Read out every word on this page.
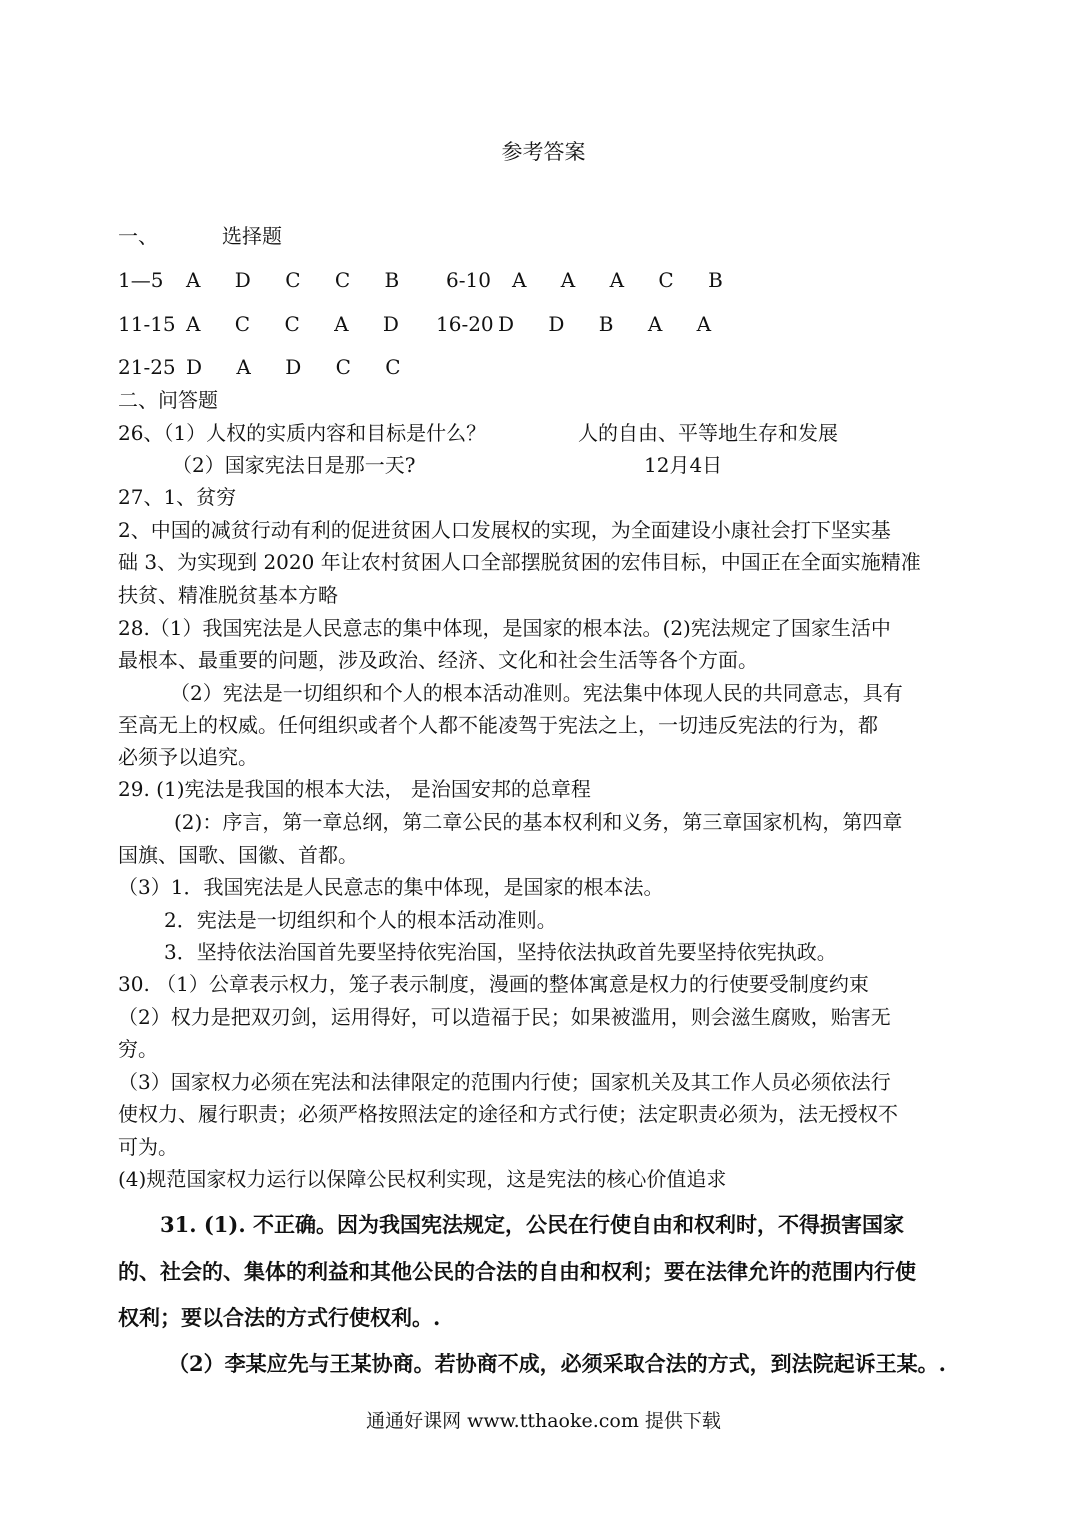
参考答案
一、	选择题
1—5 A D C C B 6-10 A A A C B
11-15 A C C A D 16-20 D D B A A
21-25 D A D C C
二、问答题
26、（1）人权的实质内容和目标是什么？	人的自由、平等地生存和发展
（2）国家宪法日是那一天?	12月4日
27、1、贫穷
2、中国的减贫行动有利的促进贫困人口发展权的实现，为全面建设小康社会打下坚实基
础 3、为实现到 2020 年让农村贫困人口全部摆脱贫困的宏伟目标，中国正在全面实施精准
扶贫、精准脱贫基本方略
28.（1）我国宪法是人民意志的集中体现，是国家的根本法。(2)宪法规定了国家生活中
最根本、最重要的问题，涉及政治、经济、文化和社会生活等各个方面。
（2）宪法是一切组织和个人的根本活动准则。宪法集中体现人民的共同意志，具有
至高无上的权威。任何组织或者个人都不能凌驾于宪法之上，一切违反宪法的行为，都
必须予以追究。
29. (1)宪法是我国的根本大法， 是治国安邦的总章程
(2)：序言，第一章总纲，第二章公民的基本权利和义务，第三章国家机构，第四章
国旗、国歌、国徽、首都。
（3）1．我国宪法是人民意志的集中体现，是国家的根本法。
2．宪法是一切组织和个人的根本活动准则。
3．坚持依法治国首先要坚持依宪治国，坚持依法执政首先要坚持依宪执政。
30. （1）公章表示权力，笼子表示制度，漫画的整体寓意是权力的行使要受制度约束
（2）权力是把双刃剑，运用得好，可以造福于民；如果被滥用，则会滋生腐败，贻害无
穷。
（3）国家权力必须在宪法和法律限定的范围内行使；国家机关及其工作人员必须依法行
使权力、履行职责；必须严格按照法定的途径和方式行使；法定职责必须为，法无授权不
可为。
(4)规范国家权力运行以保障公民权利实现，这是宪法的核心价值追求
31. (1). 不正确。因为我国宪法规定，公民在行使自由和权利时，不得损害国家
的、社会的、集体的利益和其他公民的合法的自由和权利；要在法律允许的范围内行使
权利；要以合法的方式行使权利。.
（2）李某应先与王某协商。若协商不成，必须采取合法的方式，到法院起诉王某。.
通通好课网 www.tthaoke.com 提供下载
